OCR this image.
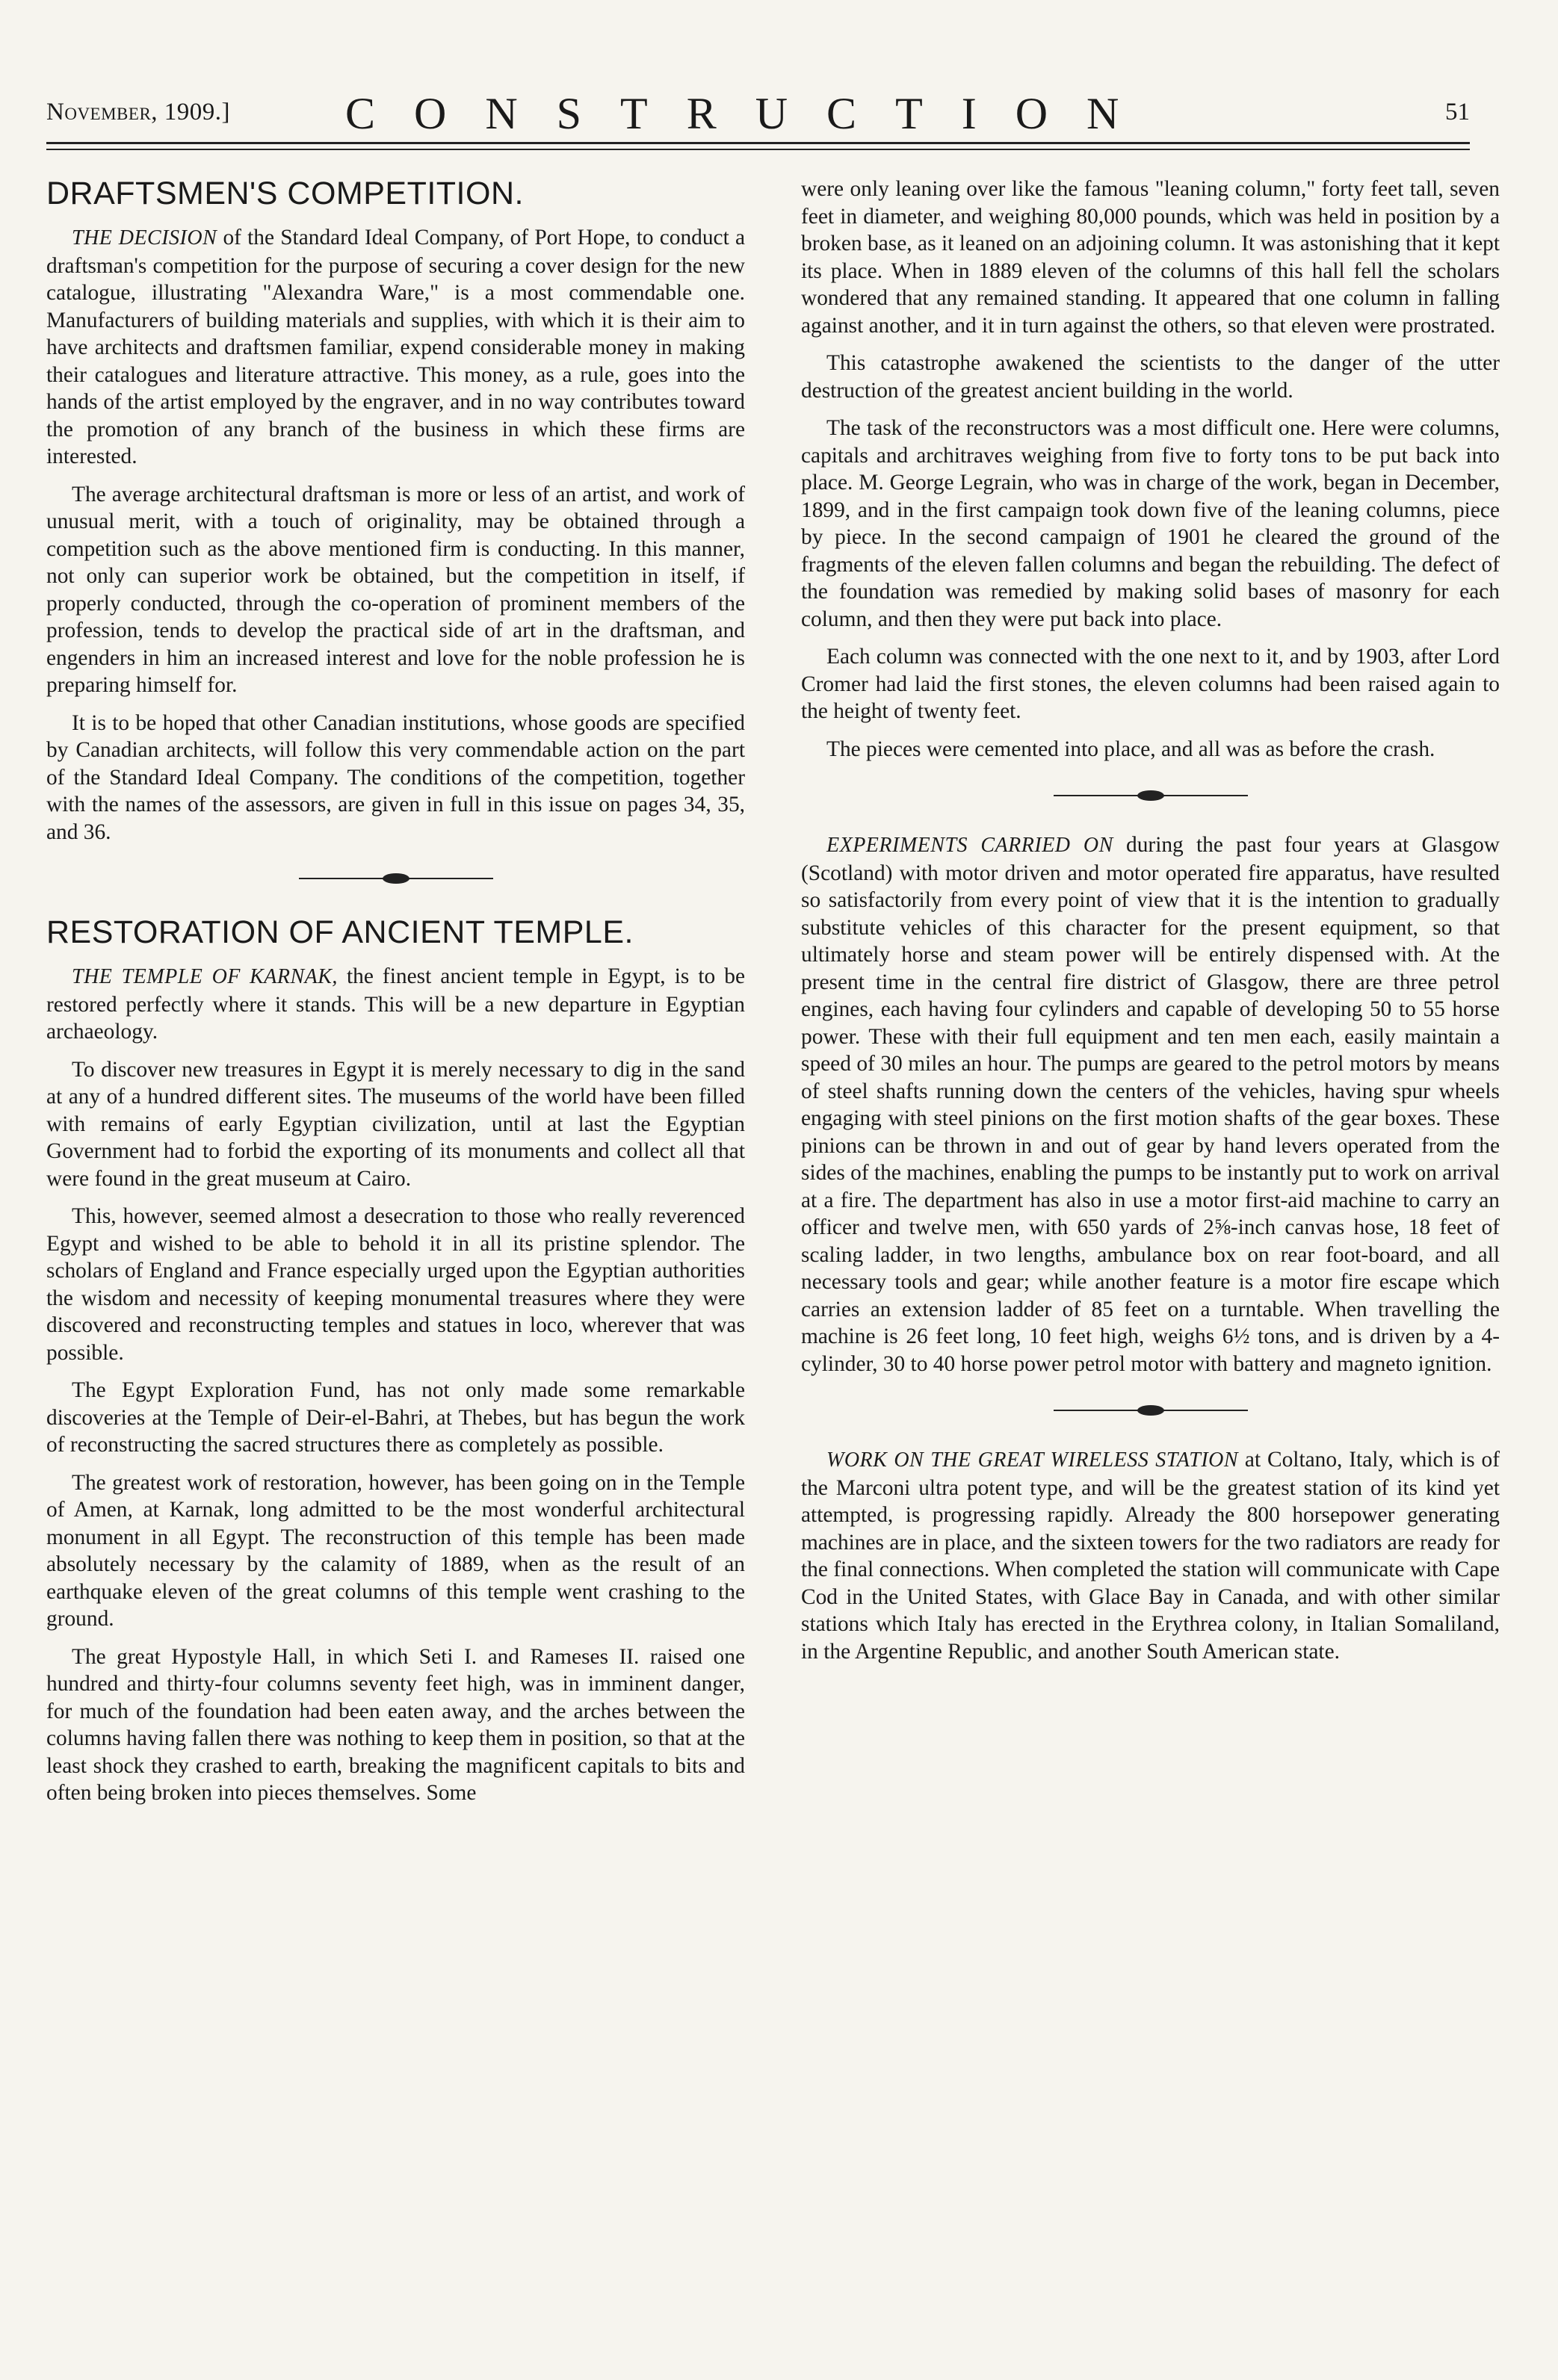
November, 1909.]	CONSTRUCTION	51
DRAFTSMEN'S COMPETITION.

THE DECISION of the Standard Ideal Company, of Port Hope, to conduct a draftsman's competition for the purpose of securing a cover design for the new catalogue, illustrating "Alexandra Ware," is a most commendable one. Manufacturers of building materials and supplies, with which it is their aim to have architects and draftsmen familiar, expend considerable money in making their catalogues and literature attractive. This money, as a rule, goes into the hands of the artist employed by the engraver, and in no way contributes toward the promotion of any branch of the business in which these firms are interested.

The average architectural draftsman is more or less of an artist, and work of unusual merit, with a touch of originality, may be obtained through a competition such as the above mentioned firm is conducting. In this manner, not only can superior work be obtained, but the competition in itself, if properly conducted, through the co-operation of prominent members of the profession, tends to develop the practical side of art in the draftsman, and engenders in him an increased interest and love for the noble profession he is preparing himself for.

It is to be hoped that other Canadian institutions, whose goods are specified by Canadian architects, will follow this very commendable action on the part of the Standard Ideal Company. The conditions of the competition, together with the names of the assessors, are given in full in this issue on pages 34, 35, and 36.

RESTORATION OF ANCIENT TEMPLE.

THE TEMPLE OF KARNAK, the finest ancient temple in Egypt, is to be restored perfectly where it stands. This will be a new departure in Egyptian archaeology.

To discover new treasures in Egypt it is merely necessary to dig in the sand at any of a hundred different sites. The museums of the world have been filled with remains of early Egyptian civilization, until at last the Egyptian Government had to forbid the exporting of its monuments and collect all that were found in the great museum at Cairo.

This, however, seemed almost a desecration to those who really reverenced Egypt and wished to be able to behold it in all its pristine splendor. The scholars of England and France especially urged upon the Egyptian authorities the wisdom and necessity of keeping monumental treasures where they were discovered and reconstructing temples and statues in loco, wherever that was possible.

The Egypt Exploration Fund, has not only made some remarkable discoveries at the Temple of Deir-el-Bahri, at Thebes, but has begun the work of reconstructing the sacred structures there as completely as possible.

The greatest work of restoration, however, has been going on in the Temple of Amen, at Karnak, long admitted to be the most wonderful architectural monument in all Egypt. The reconstruction of this temple has been made absolutely necessary by the calamity of 1889, when as the result of an earthquake eleven of the great columns of this temple went crashing to the ground.

The great Hypostyle Hall, in which Seti I. and Rameses II. raised one hundred and thirty-four columns seventy feet high, was in imminent danger, for much of the foundation had been eaten away, and the arches between the columns having fallen there was nothing to keep them in position, so that at the least shock they crashed to earth, breaking the magnificent capitals to bits and often being broken into pieces themselves. Some

were only leaning over like the famous "leaning column," forty feet tall, seven feet in diameter, and weighing 80,000 pounds, which was held in position by a broken base, as it leaned on an adjoining column. It was astonishing that it kept its place. When in 1889 eleven of the columns of this hall fell the scholars wondered that any remained standing. It appeared that one column in falling against another, and it in turn against the others, so that eleven were prostrated.

This catastrophe awakened the scientists to the danger of the utter destruction of the greatest ancient building in the world.

The task of the reconstructors was a most difficult one. Here were columns, capitals and architraves weighing from five to forty tons to be put back into place. M. George Legrain, who was in charge of the work, began in December, 1899, and in the first campaign took down five of the leaning columns, piece by piece. In the second campaign of 1901 he cleared the ground of the fragments of the eleven fallen columns and began the rebuilding. The defect of the foundation was remedied by making solid bases of masonry for each column, and then they were put back into place.

Each column was connected with the one next to it, and by 1903, after Lord Cromer had laid the first stones, the eleven columns had been raised again to the height of twenty feet.

The pieces were cemented into place, and all was as before the crash.

EXPERIMENTS CARRIED ON during the past four years at Glasgow (Scotland) with motor driven and motor operated fire apparatus, have resulted so satisfactorily from every point of view that it is the intention to gradually substitute vehicles of this character for the present equipment, so that ultimately horse and steam power will be entirely dispensed with. At the present time in the central fire district of Glasgow, there are three petrol engines, each having four cylinders and capable of developing 50 to 55 horse power. These with their full equipment and ten men each, easily maintain a speed of 30 miles an hour. The pumps are geared to the petrol motors by means of steel shafts running down the centers of the vehicles, having spur wheels engaging with steel pinions on the first motion shafts of the gear boxes. These pinions can be thrown in and out of gear by hand levers operated from the sides of the machines, enabling the pumps to be instantly put to work on arrival at a fire. The department has also in use a motor first-aid machine to carry an officer and twelve men, with 650 yards of 2⅝-inch canvas hose, 18 feet of scaling ladder, in two lengths, ambulance box on rear foot-board, and all necessary tools and gear; while another feature is a motor fire escape which carries an extension ladder of 85 feet on a turntable. When travelling the machine is 26 feet long, 10 feet high, weighs 6½ tons, and is driven by a 4-cylinder, 30 to 40 horse power petrol motor with battery and magneto ignition.

WORK ON THE GREAT WIRELESS STATION at Coltano, Italy, which is of the Marconi ultra potent type, and will be the greatest station of its kind yet attempted, is progressing rapidly. Already the 800 horsepower generating machines are in place, and the sixteen towers for the two radiators are ready for the final connections. When completed the station will communicate with Cape Cod in the United States, with Glace Bay in Canada, and with other similar stations which Italy has erected in the Erythrea colony, in Italian Somaliland, in the Argentine Republic, and another South American state.
